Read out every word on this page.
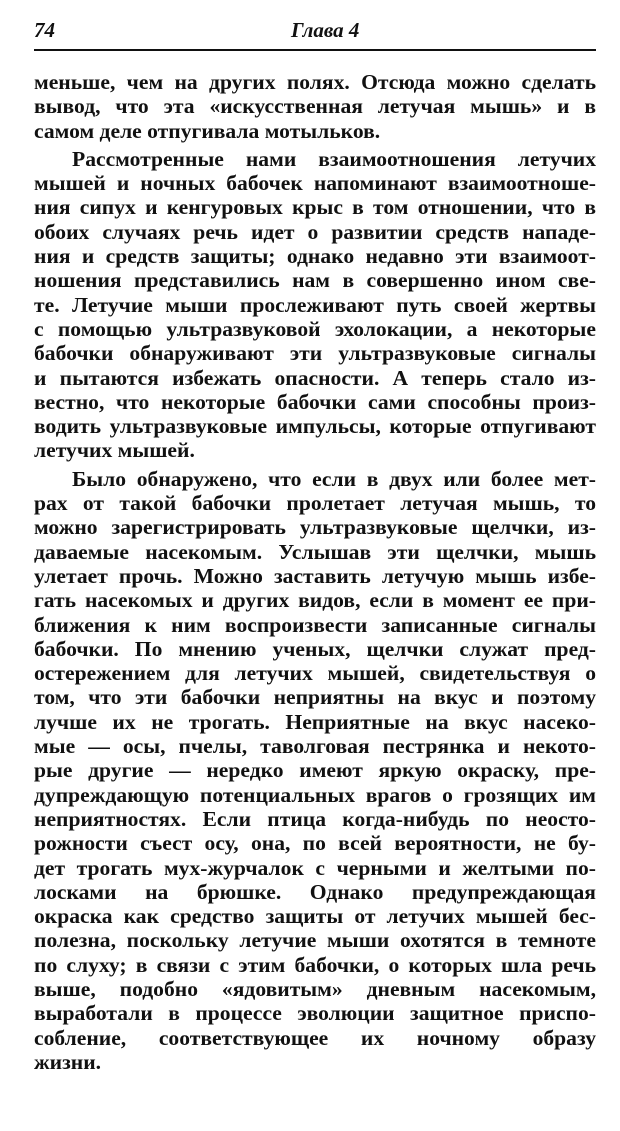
74	Глава 4
меньше, чем на других полях. Отсюда можно сделать
вывод, что эта «искусственная летучая мышь» и в
самом деле отпугивала мотыльков.
Рассмотренные нами взаимоотношения летучих
мышей и ночных бабочек напоминают взаимоотноше-
ния сипух и кенгуровых крыс в том отношении, что в
обоих случаях речь идет о развитии средств нападе-
ния и средств защиты; однако недавно эти взаимоот-
ношения представились нам в совершенно ином све-
те. Летучие мыши прослеживают путь своей жертвы
с помощью ультразвуковой эхолокации, а некоторые
бабочки обнаруживают эти ультразвуковые сигналы
и пытаются избежать опасности. А теперь стало из-
вестно, что некоторые бабочки сами способны произ-
водить ультразвуковые импульсы, которые отпугивают
летучих мышей.
Было обнаружено, что если в двух или более мет-
рах от такой бабочки пролетает летучая мышь, то
можно зарегистрировать ультразвуковые щелчки, из-
даваемые насекомым. Услышав эти щелчки, мышь
улетает прочь. Можно заставить летучую мышь избе-
гать насекомых и других видов, если в момент ее при-
ближения к ним воспроизвести записанные сигналы
бабочки. По мнению ученых, щелчки служат пред-
остережением для летучих мышей, свидетельствуя о
том, что эти бабочки неприятны на вкус и поэтому
лучше их не трогать. Неприятные на вкус насеко-
мые — осы, пчелы, таволговая пестрянка и некото-
рые другие — нередко имеют яркую окраску, пре-
дупреждающую потенциальных врагов о грозящих им
неприятностях. Если птица когда-нибудь по неосто-
рожности съест осу, она, по всей вероятности, не бу-
дет трогать мух-журчалок с черными и желтыми по-
лосками на брюшке. Однако предупреждающая
окраска как средство защиты от летучих мышей бес-
полезна, поскольку летучие мыши охотятся в темноте
по слуху; в связи с этим бабочки, о которых шла речь
выше, подобно «ядовитым» дневным насекомым,
выработали в процессе эволюции защитное приспо-
собление, соответствующее их ночному образу
жизни.
